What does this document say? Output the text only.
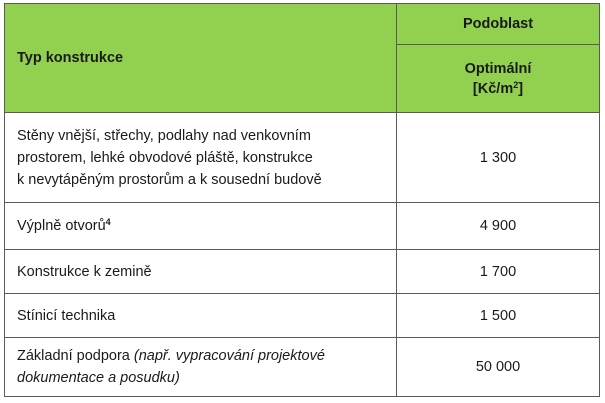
Typ konstrukce	Podoblast
	Optimální
$[Kč/m^2]$
Stěny vnější, střechy, podlahy nad venkovním
prostorem, lehké obvodové pláště, konstrukce
k nevytápěným prostorům a k sousední budově	1 300
Výplně otvorů$^4$	4 900
Konstrukce k zemině	1 700
Stínicí technika	1 500
Základní podpora (např. vypracování projektové
dokumentace a posudku)	50 000
